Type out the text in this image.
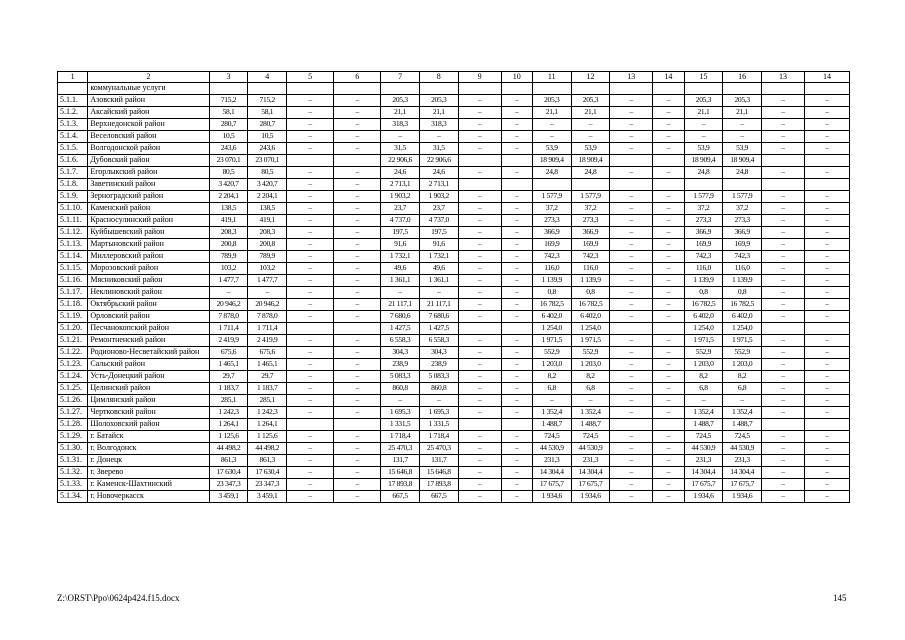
1	2	3	4	5	6	7	8	9	10	11	12	13	14	15	16	13	14
	коммунальные услуги																
5.1.1.	Азовский район	715,2	715,2	–	–	205,3	205,3	–	–	205,3	205,3	–	–	205,3	205,3	–	–
5.1.2.	Аксайский район	58,1	58,1	–	–	21,1	21,1	–	–	21,1	21,1	–	–	21,1	21,1	–	–
5.1.3.	Верхнедонской район	280,7	280,7	–	–	318,3	318,3	–	–	–	–	–	–	–	–	–	–
5.1.4.	Веселовский район	10,5	10,5	–	–	–	–	–	–	–	–	–	–	–	–	–	–
5.1.5.	Волгодонской район	243,6	243,6	–	–	31,5	31,5	–	–	53,9	53,9	–	–	53,9	53,9	–	–
5.1.6.	Дубовский район	23 070,1	23 070,1			22 906,6	22 906,6			18 909,4	18 909,4			18 909,4	18 909,4		
5.1.7.	Егорлыкский район	80,5	80,5	–	–	24,6	24,6	–	–	24,8	24,8	–	–	24,8	24,8	–	–
5.1.8.	Заветинский район	3 420,7	3 420,7	–	–	2 713,1	2 713,1										
5.1.9.	Зерноградский район	2 204,1	2 204,1	–	–	1 903,2	1 903,2	–	–	1 577,9	1 577,9	–	–	1 577,9	1 577,9	–	–
5.1.10.	Каменский район	138,5	138,5	–	–	23,7	23,7	–	–	37,2	37,2	–	–	37,2	37,2	–	–
5.1.11.	Красносулинский район	419,1	419,1	–	–	4 737,0	4 737,0	–	–	273,3	273,3	–	–	273,3	273,3	–	–
5.1.12.	Куйбышевский район	208,3	208,3	–	–	197,5	197,5	–	–	366,9	366,9	–	–	366,9	366,9	–	–
5.1.13.	Мартыновский район	200,8	200,8	–	–	91,6	91,6	–	–	169,9	169,9	–	–	169,9	169,9	–	–
5.1.14.	Миллеровский район	789,9	789,9	–	–	1 732,1	1 732,1	–	–	742,3	742,3	–	–	742,3	742,3	–	–
5.1.15.	Морозовский район	103,2	103,2	–	–	49,6	49,6	–	–	116,0	116,0	–	–	116,0	116,0	–	–
5.1.16.	Мясниковский район	1 477,7	1 477,7	–	–	1 361,1	1 361,1	–	–	1 139,9	1 139,9	–	–	1 139,9	1 139,9	–	–
5.1.17.	Неклиновский район	–	–	–	–	–	–	–	–	0,8	0,8	–	–	0,8	0,8	–	–
5.1.18.	Октябрьский район	20 946,2	20 946,2	–	–	21 117,1	21 117,1	–	–	16 782,5	16 782,5	–	–	16 782,5	16 782,5	–	–
5.1.19.	Орловский район	7 878,0	7 878,0	–	–	7 680,6	7 680,6	–	–	6 402,0	6 402,0	–	–	6 402,0	6 402,0	–	–
5.1.20.	Песчанокопский район	1 711,4	1 711,4			1 427,5	1 427,5			1 254,0	1 254,0			1 254,0	1 254,0		
5.1.21.	Ремонтненский район	2 419,9	2 419,9	–	–	6 558,3	6 558,3	–	–	1 971,5	1 971,5	–	–	1 971,5	1 971,5	–	–
5.1.22.	Родионово-Несветайский район	675,6	675,6	–	–	304,3	304,3	–	–	552,9	552,9	–	–	552,9	552,9	–	–
5.1.23.	Сальский район	1 465,1	1 465,1	–	–	238,9	238,9	–	–	1 203,0	1 203,0	–	–	1 203,0	1 203,0	–	–
5.1.24.	Усть-Донецкий район	29,7	29,7	–	–	5 083,3	5 083,3	–	–	8,2	8,2	–	–	8,2	8,2	–	–
5.1.25.	Целинский район	1 183,7	1 183,7	–	–	860,8	860,8	–	–	6,8	6,8	–	–	6,8	6,8	–	–
5.1.26.	Цимлянский район	285,1	285,1	–	–	–	–	–	–	–	–	–	–	–	–	–	–
5.1.27.	Чертковский район	1 242,3	1 242,3	–	–	1 695,3	1 695,3	–	–	1 352,4	1 352,4	–	–	1 352,4	1 352,4	–	–
5.1.28.	Шолоховский район	1 264,1	1 264,1			1 331,5	1 331,5			1 488,7	1 488,7			1 488,7	1 488,7		
5.1.29.	г. Батайск	1 125,6	1 125,6	–	–	1 718,4	1 718,4	–	–	724,5	724,5	–	–	724,5	724,5	–	–
5.1.30.	г. Волгодонск	44 498,2	44 498,2	–	–	25 470,3	25 470,3	–	–	44 530,9	44 530,9	–	–	44 530,9	44 530,9	–	–
5.1.31.	г. Донецк	861,3	861,3	–	–	131,7	131,7	–	–	231,3	231,3	–	–	231,3	231,3	–	–
5.1.32.	г. Зверево	17 630,4	17 630,4	–	–	15 646,8	15 646,8	–	–	14 304,4	14 304,4	–	–	14 304,4	14 304,4	–	–
5.1.33.	г. Каменск-Шахтинский	23 347,3	23 347,3	–	–	17 893,8	17 893,8	–	–	17 675,7	17 675,7	–	–	17 675,7	17 675,7	–	–
5.1.34.	г. Новочеркасск	3 459,1	3 459,1	–	–	667,5	667,5	–	–	1 934,6	1 934,6	–	–	1 934,6	1 934,6	–	–
Z:\ORST\Ppo\0624p424.f15.docx	145
